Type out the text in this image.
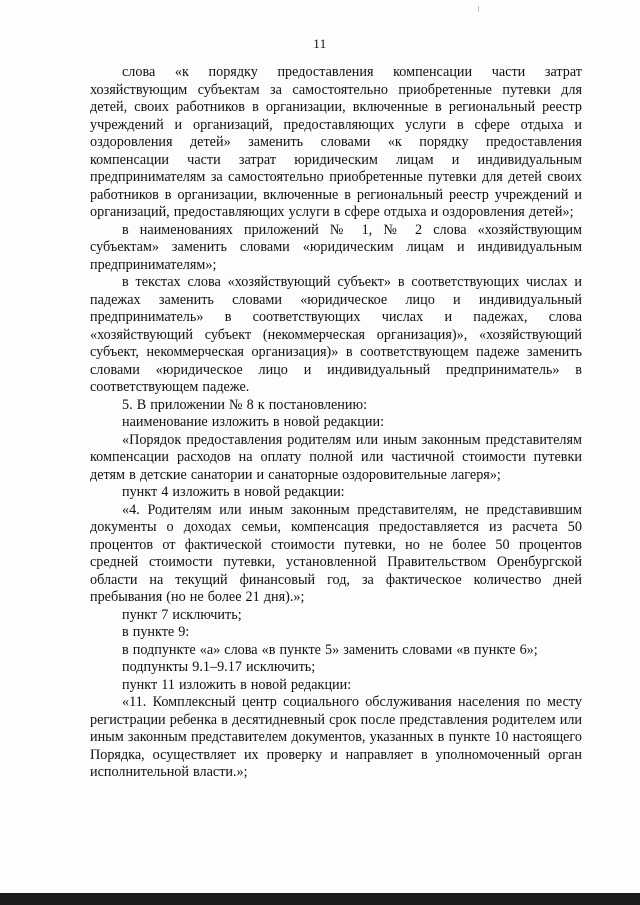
11

слова «к порядку предоставления компенсации части затрат хозяйствующим субъектам за самостоятельно приобретенные путевки для детей, своих работников в организации, включенные в региональный реестр учреждений и организаций, предоставляющих услуги в сфере отдыха и оздоровления детей» заменить словами «к порядку предоставления компенсации части затрат юридическим лицам и индивидуальным предпринимателям за самостоятельно приобретенные путевки для детей своих работников в организации, включенные в региональный реестр учреждений и организаций, предоставляющих услуги в сфере отдыха и оздоровления детей»;

в наименованиях приложений № 1, № 2 слова «хозяйствующим субъектам» заменить словами «юридическим лицам и индивидуальным предпринимателям»;

в текстах слова «хозяйствующий субъект» в соответствующих числах и падежах заменить словами «юридическое лицо и индивидуальный предприниматель» в соответствующих числах и падежах, слова «хозяйствующий субъект (некоммерческая организация)», «хозяйствующий субъект, некоммерческая организация)» в соответствующем падеже заменить словами «юридическое лицо и индивидуальный предприниматель» в соответствующем падеже.

5. В приложении № 8 к постановлению:

наименование изложить в новой редакции:

«Порядок предоставления родителям или иным законным представителям компенсации расходов на оплату полной или частичной стоимости путевки детям в детские санатории и санаторные оздоровительные лагеря»;

пункт 4 изложить в новой редакции:

«4. Родителям или иным законным представителям, не представившим документы о доходах семьи, компенсация предоставляется из расчета 50 процентов от фактической стоимости путевки, но не более 50 процентов средней стоимости путевки, установленной Правительством Оренбургской области на текущий финансовый год, за фактическое количество дней пребывания (но не более 21 дня).»;

пункт 7 исключить;

в пункте 9:

в подпункте «а» слова «в пункте 5» заменить словами «в пункте 6»;

подпункты 9.1–9.17 исключить;

пункт 11 изложить в новой редакции:

«11. Комплексный центр социального обслуживания населения по месту регистрации ребенка в десятидневный срок после представления родителем или иным законным представителем документов, указанных в пункте 10 настоящего Порядка, осуществляет их проверку и направляет в уполномоченный орган исполнительной власти.»;
